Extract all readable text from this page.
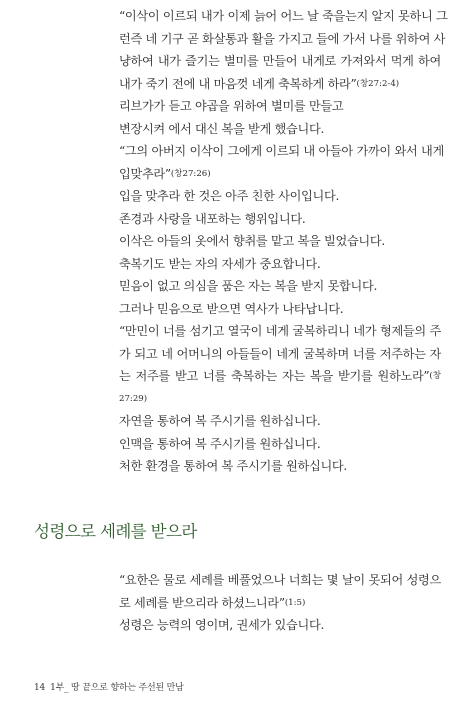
“이삭이 이르되 내가 이제 늙어 어느 날 죽을는지 알지 못하니 그
런즉 네 기구 곧 화살통과 활을 가지고 들에 가서 나를 위하여 사
냥하여 내가 즐기는 별미를 만들어 내게로 가져와서 먹게 하여
내가 죽기 전에 내 마음껏 네게 축복하게 하라”(창27:2-4)
리브가가 듣고 야곱을 위하여 별미를 만들고
변장시켜 에서 대신 복을 받게 했습니다.
“그의 아버지 이삭이 그에게 이르되 내 아들아 가까이 와서 내게
입맞추라”(창27:26)
입을 맞추라 한 것은 아주 친한 사이입니다.
존경과 사랑을 내포하는 행위입니다.
이삭은 아들의 옷에서 향취를 맡고 복을 빌었습니다.
축복기도 받는 자의 자세가 중요합니다.
믿음이 없고 의심을 품은 자는 복을 받지 못합니다.
그러나 믿음으로 받으면 역사가 나타납니다.
“만민이 너를 섬기고 열국이 네게 굴복하리니 네가 형제들의 주
가 되고 네 어머니의 아들들이 네게 굴복하며 너를 저주하는 자
는 저주를 받고 너를 축복하는 자는 복을 받기를 원하노라”(창
27:29)
자연을 통하여 복 주시기를 원하십니다.
인맥을 통하여 복 주시기를 원하십니다.
처한 환경을 통하여 복 주시기를 원하십니다.
성령으로 세례를 받으라
“요한은 물로 세례를 베풀었으나 너희는 몇 날이 못되어 성령으
로 세례를 받으리라 하셨느니라”(1:5)
성령은 능력의 영이며, 권세가 있습니다.
14 1부_ 땅 끝으로 향하는 주선된 만남
